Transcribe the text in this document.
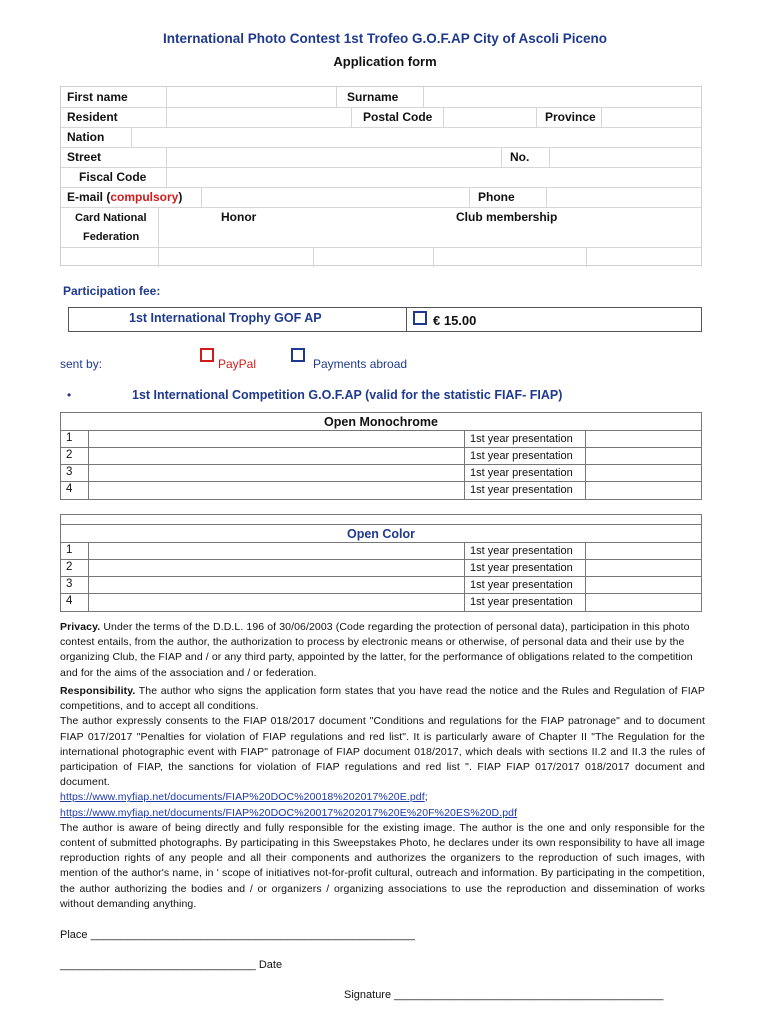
International Photo Contest 1st Trofeo G.O.F.AP City of Ascoli Piceno
Application form
First name	Surname
Resident	Postal Code	Province
Nation
Street	No.
Fiscal Code
E-mail (compulsory)	Phone
Card National
Federation
Honor	Club membership
Participation fee:
1st International Trophy GOF AP	€ 15.00
sent by:	PayPal	Payments abroad
•	1st International Competition G.O.F.AP (valid for the statistic FIAF- FIAP)
Open Monochrome
1	1st year presentation
2	1st year presentation
3	1st year presentation
4	1st year presentation
Open Color
1	1st year presentation
2	1st year presentation
3	1st year presentation
4	1st year presentation
Privacy. Under the terms of the D.D.L. 196 of 30/06/2003 (Code regarding the protection of personal data), participation in this photo contest entails, from the author, the authorization to process by electronic means or otherwise, of personal data and their use by the organizing Club, the FIAP and / or any third party, appointed by the latter, for the performance of obligations related to the competition and for the aims of the association and / or federation.
Responsibility. The author who signs the application form states that you have read the notice and the Rules and Regulation of FIAP competitions, and to accept all conditions.
The author expressly consents to the FIAP 018/2017 document "Conditions and regulations for the FIAP patronage" and to document FIAP 017/2017 "Penalties for violation of FIAP regulations and red list". It is particularly aware of Chapter II "The Regulation for the international photographic event with FIAP" patronage of FIAP document 018/2017, which deals with sections II.2 and II.3 the rules of participation of FIAP, the sanctions for violation of FIAP regulations and red list ". FIAP FIAP 017/2017 018/2017 document and document.
https://www.myfiap.net/documents/FIAP%20DOC%20018%202017%20E.pdf;
https://www.myfiap.net/documents/FIAP%20DOC%20017%202017%20E%20F%20ES%20D.pdf
The author is aware of being directly and fully responsible for the existing image. The author is the one and only responsible for the content of submitted photographs. By participating in this Sweepstakes Photo, he declares under its own responsibility to have all image reproduction rights of any people and all their components and authorizes the organizers to the reproduction of such images, with mention of the author's name, in ' scope of initiatives not-for-profit cultural, outreach and information. By participating in the competition, the author authorizing the bodies and / or organizers / organizing associations to use the reproduction and dissemination of works without demanding anything.
Place _____________________________________________________
________________________________ Date
Signature ____________________________________________
